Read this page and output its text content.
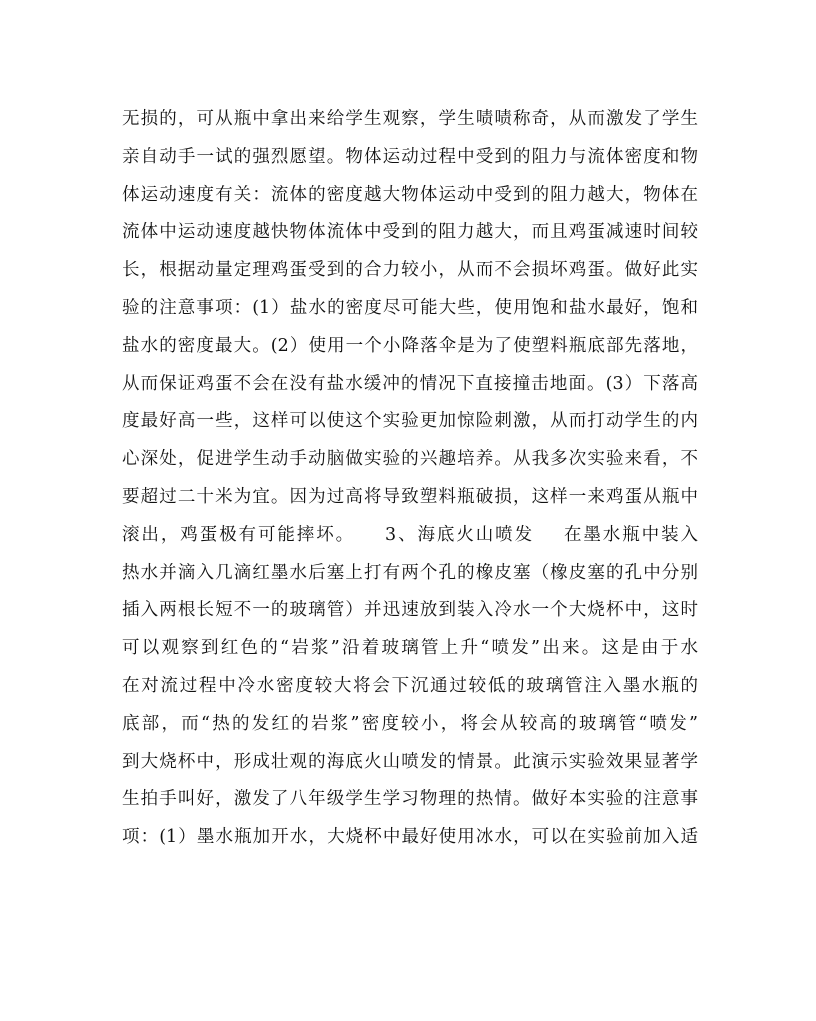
无损的，可从瓶中拿出来给学生观察，学生啧啧称奇，从而激发了学生
亲自动手一试的强烈愿望。物体运动过程中受到的阻力与流体密度和物
体运动速度有关：流体的密度越大物体运动中受到的阻力越大，物体在
流体中运动速度越快物体流体中受到的阻力越大，而且鸡蛋减速时间较
长，根据动量定理鸡蛋受到的合力较小，从而不会损坏鸡蛋。做好此实
验的注意事项：(1）盐水的密度尽可能大些，使用饱和盐水最好，饱和
盐水的密度最大。(2）使用一个小降落伞是为了使塑料瓶底部先落地，
从而保证鸡蛋不会在没有盐水缓冲的情况下直接撞击地面。(3）下落高
度最好高一些，这样可以使这个实验更加惊险刺激，从而打动学生的内
心深处，促进学生动手动脑做实验的兴趣培养。从我多次实验来看，不
要超过二十米为宜。因为过高将导致塑料瓶破损，这样一来鸡蛋从瓶中
滚出，鸡蛋极有可能摔坏。    3、海底火山喷发    在墨水瓶中装入
热水并滴入几滴红墨水后塞上打有两个孔的橡皮塞（橡皮塞的孔中分别
插入两根长短不一的玻璃管）并迅速放到装入冷水一个大烧杯中，这时
可以观察到红色的“岩浆”沿着玻璃管上升“喷发”出来。这是由于水
在对流过程中冷水密度较大将会下沉通过较低的玻璃管注入墨水瓶的
底部，而“热的发红的岩浆”密度较小，将会从较高的玻璃管“喷发”
到大烧杯中，形成壮观的海底火山喷发的情景。此演示实验效果显著学
生拍手叫好，激发了八年级学生学习物理的热情。做好本实验的注意事
项：(1）墨水瓶加开水，大烧杯中最好使用冰水，可以在实验前加入适
